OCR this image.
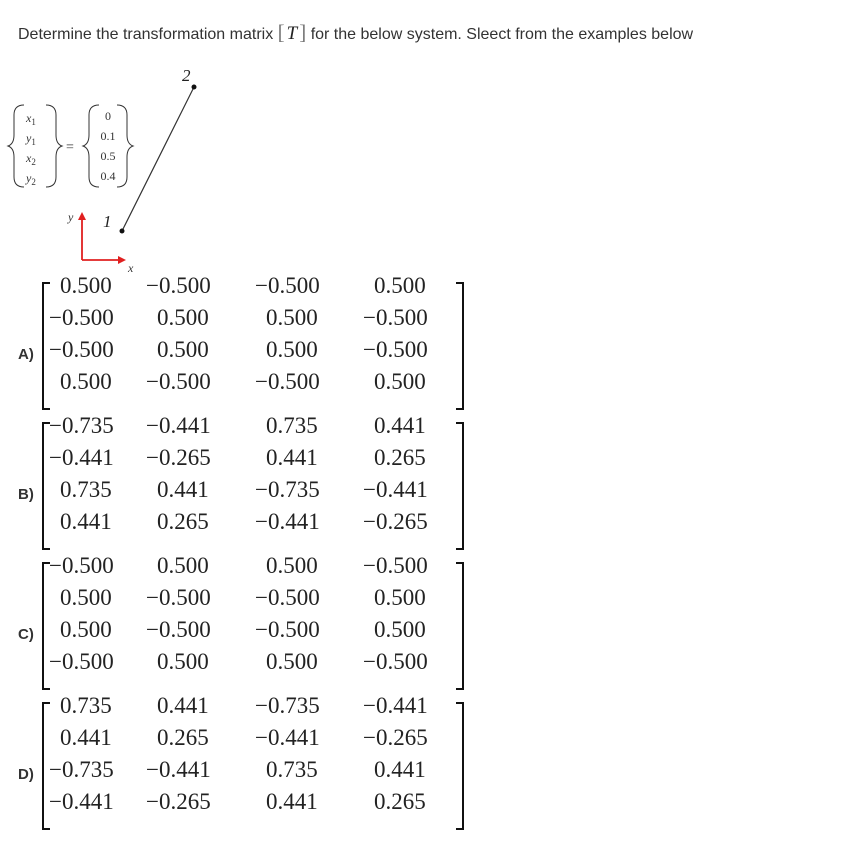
Determine the transformation matrix [ T] for the below system. Sleect from the examples below
$x_1$
$y_1$
$x_2$
$y_2$
=
0
0.1
0.5
0.4
1
2
y
x
A)
0.500 −0.500 −0.500 0.500
−0.500 0.500 0.500 −0.500
−0.500 0.500 0.500 −0.500
0.500 −0.500 −0.500 0.500
B)
−0.735 −0.441 0.735 0.441
−0.441 −0.265 0.441 0.265
0.735 0.441 −0.735 −0.441
0.441 0.265 −0.441 −0.265
C)
−0.500 0.500 0.500 −0.500
0.500 −0.500 −0.500 0.500
0.500 −0.500 −0.500 0.500
−0.500 0.500 0.500 −0.500
D)
0.735 0.441 −0.735 −0.441
0.441 0.265 −0.441 −0.265
−0.735 −0.441 0.735 0.441
−0.441 −0.265 0.441 0.265
